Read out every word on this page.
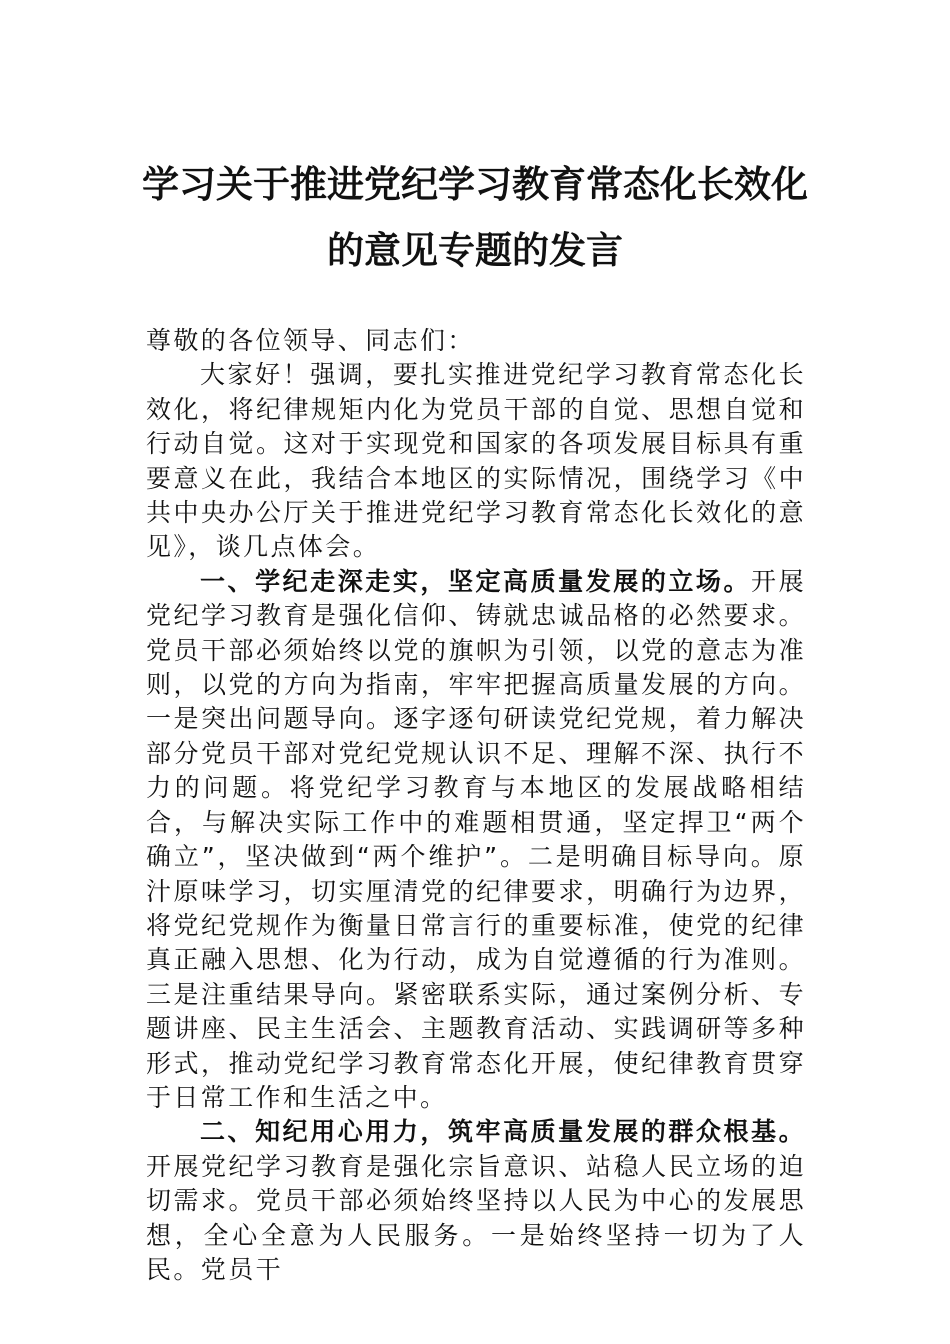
学习关于推进党纪学习教育常态化长效化
的意见专题的发言

尊敬的各位领导、同志们：

大家好！强调，要扎实推进党纪学习教育常态化长效化，将纪律规矩内化为党员干部的自觉、思想自觉和行动自觉。这对于实现党和国家的各项发展目标具有重要意义在此，我结合本地区的实际情况，围绕学习《中共中央办公厅关于推进党纪学习教育常态化长效化的意见》，谈几点体会。

一、学纪走深走实，坚定高质量发展的立场。开展党纪学习教育是强化信仰、铸就忠诚品格的必然要求。党员干部必须始终以党的旗帜为引领，以党的意志为准则，以党的方向为指南，牢牢把握高质量发展的方向。一是突出问题导向。逐字逐句研读党纪党规，着力解决部分党员干部对党纪党规认识不足、理解不深、执行不力的问题。将党纪学习教育与本地区的发展战略相结合，与解决实际工作中的难题相贯通，坚定捍卫“两个确立”，坚决做到“两个维护”。二是明确目标导向。原汁原味学习，切实厘清党的纪律要求，明确行为边界，将党纪党规作为衡量日常言行的重要标准，使党的纪律真正融入思想、化为行动，成为自觉遵循的行为准则。三是注重结果导向。紧密联系实际，通过案例分析、专题讲座、民主生活会、主题教育活动、实践调研等多种形式，推动党纪学习教育常态化开展，使纪律教育贯穿于日常工作和生活之中。

二、知纪用心用力，筑牢高质量发展的群众根基。开展党纪学习教育是强化宗旨意识、站稳人民立场的迫切需求。党员干部必须始终坚持以人民为中心的发展思想，全心全意为人民服务。一是始终坚持一切为了人民。党员干
